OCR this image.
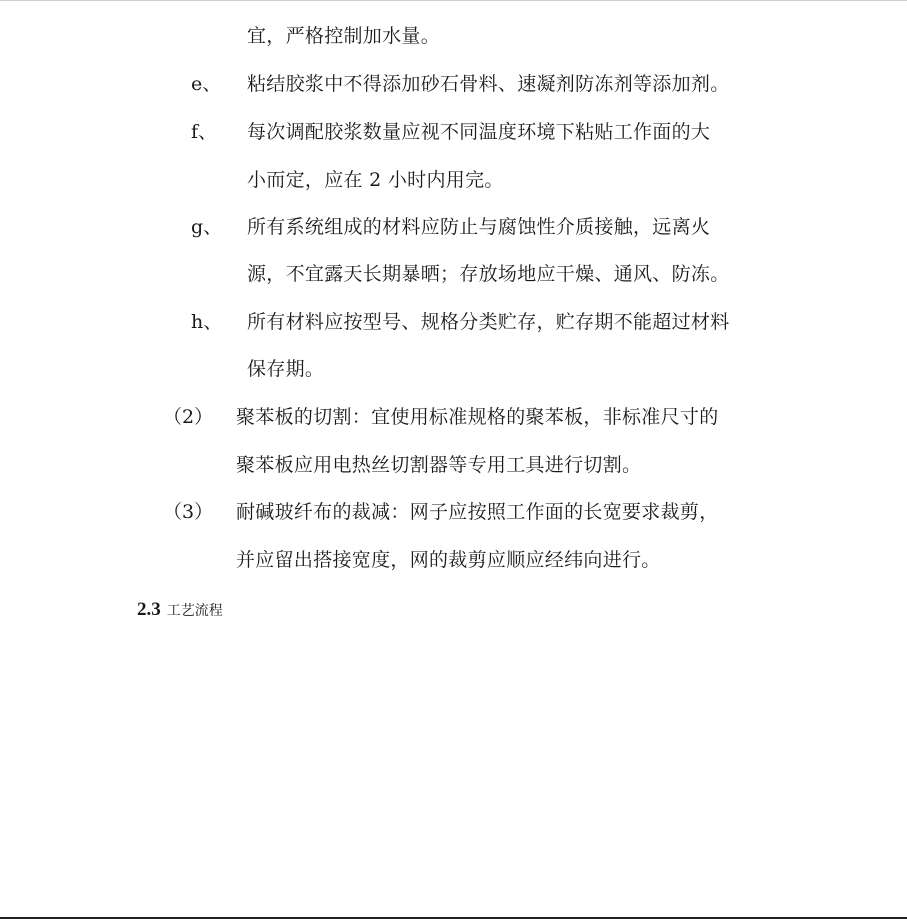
宜，严格控制加水量。
e、 粘结胶浆中不得添加砂石骨料、速凝剂防冻剂等添加剂。
f、 每次调配胶浆数量应视不同温度环境下粘贴工作面的大
小而定，应在 2 小时内用完。
g、 所有系统组成的材料应防止与腐蚀性介质接触，远离火
源，不宜露天长期暴晒；存放场地应干燥、通风、防冻。
h、 所有材料应按型号、规格分类贮存，贮存期不能超过材料
保存期。
（2） 聚苯板的切割：宜使用标准规格的聚苯板，非标准尺寸的
聚苯板应用电热丝切割器等专用工具进行切割。
（3） 耐碱玻纤布的裁减：网子应按照工作面的长宽要求裁剪，
并应留出搭接宽度，网的裁剪应顺应经纬向进行。
2.3 工艺流程
